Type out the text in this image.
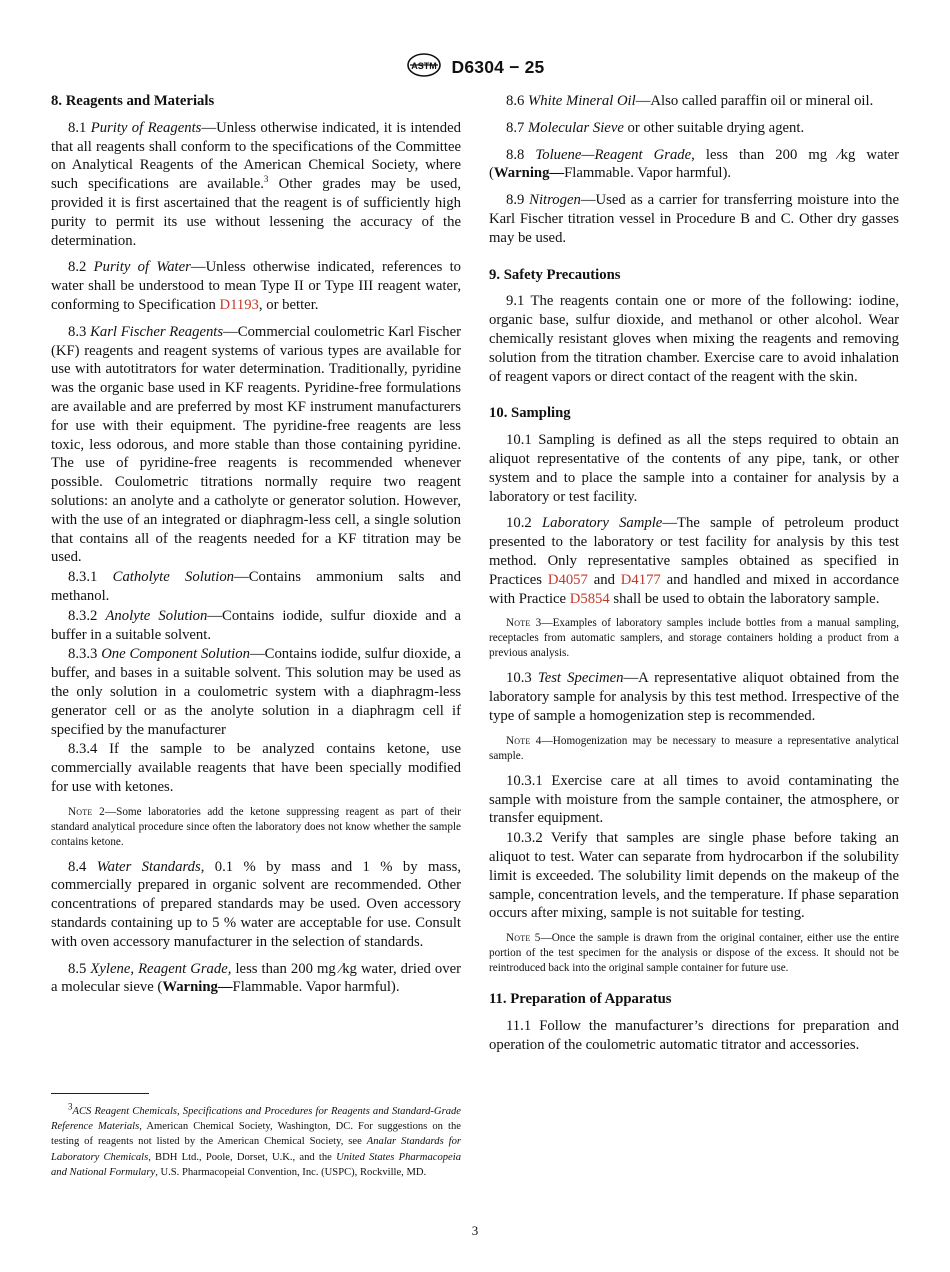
ASTM D6304 − 25
8. Reagents and Materials

8.1 Purity of Reagents—Unless otherwise indicated, it is intended that all reagents shall conform to the specifications of the Committee on Analytical Reagents of the American Chemical Society, where such specifications are available.$^3$ Other grades may be used, provided it is first ascertained that the reagent is of sufficiently high purity to permit its use without lessening the accuracy of the determination.

8.2 Purity of Water—Unless otherwise indicated, references to water shall be understood to mean Type II or Type III reagent water, conforming to Specification D1193, or better.

8.3 Karl Fischer Reagents—Commercial coulometric Karl Fischer (KF) reagents and reagent systems of various types are available for use with autotitrators for water determination. Traditionally, pyridine was the organic base used in KF reagents. Pyridine-free formulations are available and are preferred by most KF instrument manufacturers for use with their equipment. The pyridine-free reagents are less toxic, less odorous, and more stable than those containing pyridine. The use of pyridine-free reagents is recommended whenever possible. Coulometric titrations normally require two reagent solutions: an anolyte and a catholyte or generator solution. However, with the use of an integrated or diaphragm-less cell, a single solution that contains all of the reagents needed for a KF titration may be used.

8.3.1 Catholyte Solution—Contains ammonium salts and methanol.

8.3.2 Anolyte Solution—Contains iodide, sulfur dioxide and a buffer in a suitable solvent.

8.3.3 One Component Solution—Contains iodide, sulfur dioxide, a buffer, and bases in a suitable solvent. This solution may be used as the only solution in a coulometric system with a diaphragm-less generator cell or as the anolyte solution in a diaphragm cell if specified by the manufacturer

8.3.4 If the sample to be analyzed contains ketone, use commercially available reagents that have been specially modified for use with ketones.

Note 2—Some laboratories add the ketone suppressing reagent as part of their standard analytical procedure since often the laboratory does not know whether the sample contains ketone.

8.4 Water Standards, 0.1 % by mass and 1 % by mass, commercially prepared in organic solvent are recommended. Other concentrations of prepared standards may be used. Oven accessory standards containing up to 5 % water are acceptable for use. Consult with oven accessory manufacturer in the selection of standards.

8.5 Xylene, Reagent Grade, less than 200 mg ⁄kg water, dried over a molecular sieve (Warning—Flammable. Vapor harmful).

$^3$ACS Reagent Chemicals, Specifications and Procedures for Reagents and Standard-Grade Reference Materials, American Chemical Society, Washington, DC. For suggestions on the testing of reagents not listed by the American Chemical Society, see Analar Standards for Laboratory Chemicals, BDH Ltd., Poole, Dorset, U.K., and the United States Pharmacopeia and National Formulary, U.S. Pharmacopeial Convention, Inc. (USPC), Rockville, MD.

8.6 White Mineral Oil—Also called paraffin oil or mineral oil.

8.7 Molecular Sieve or other suitable drying agent.

8.8 Toluene—Reagent Grade, less than 200 mg ⁄kg water (Warning—Flammable. Vapor harmful).

8.9 Nitrogen—Used as a carrier for transferring moisture into the Karl Fischer titration vessel in Procedure B and C. Other dry gasses may be used.

9. Safety Precautions

9.1 The reagents contain one or more of the following: iodine, organic base, sulfur dioxide, and methanol or other alcohol. Wear chemically resistant gloves when mixing the reagents and removing solution from the titration chamber. Exercise care to avoid inhalation of reagent vapors or direct contact of the reagent with the skin.

10. Sampling

10.1 Sampling is defined as all the steps required to obtain an aliquot representative of the contents of any pipe, tank, or other system and to place the sample into a container for analysis by a laboratory or test facility.

10.2 Laboratory Sample—The sample of petroleum product presented to the laboratory or test facility for analysis by this test method. Only representative samples obtained as specified in Practices D4057 and D4177 and handled and mixed in accordance with Practice D5854 shall be used to obtain the laboratory sample.

Note 3—Examples of laboratory samples include bottles from a manual sampling, receptacles from automatic samplers, and storage containers holding a product from a previous analysis.

10.3 Test Specimen—A representative aliquot obtained from the laboratory sample for analysis by this test method. Irrespective of the type of sample a homogenization step is recommended.

Note 4—Homogenization may be necessary to measure a representative analytical sample.

10.3.1 Exercise care at all times to avoid contaminating the sample with moisture from the sample container, the atmosphere, or transfer equipment.

10.3.2 Verify that samples are single phase before taking an aliquot to test. Water can separate from hydrocarbon if the solubility limit is exceeded. The solubility limit depends on the makeup of the sample, concentration levels, and the temperature. If phase separation occurs after mixing, sample is not suitable for testing.

Note 5—Once the sample is drawn from the original container, either use the entire portion of the test specimen for the analysis or dispose of the excess. It should not be reintroduced back into the original sample container for future use.
11. Preparation of Apparatus

11.1 Follow the manufacturer’s directions for preparation and operation of the coulometric automatic titrator and accessories.

3
